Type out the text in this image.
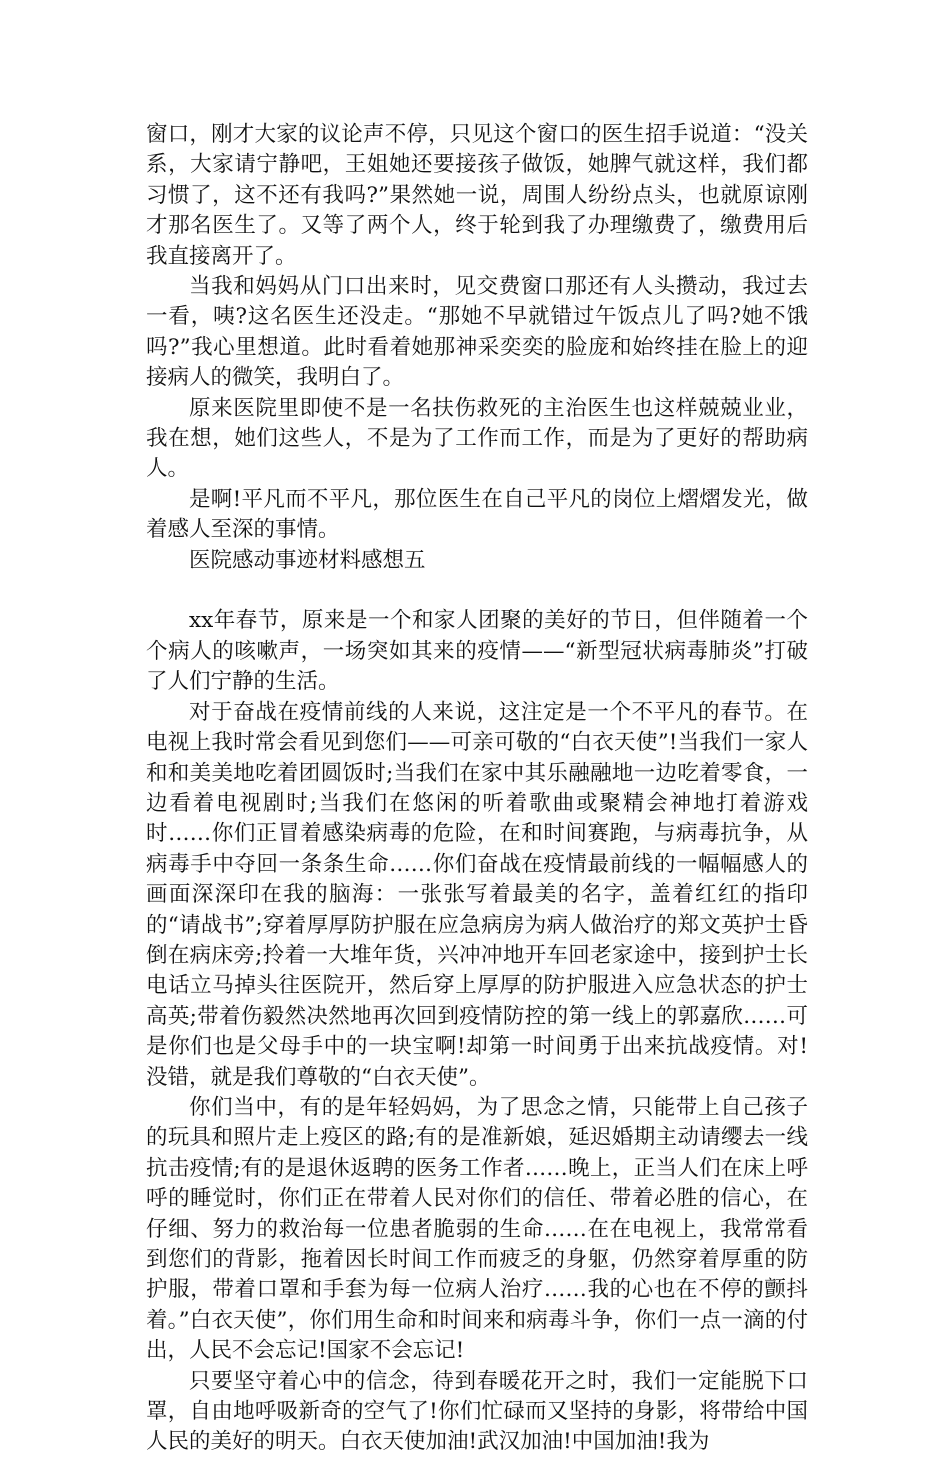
窗口，刚才大家的议论声不停，只见这个窗口的医生招手说道：“没关系，大家请宁静吧，王姐她还要接孩子做饭，她脾气就这样，我们都习惯了，这不还有我吗?”果然她一说，周围人纷纷点头，也就原谅刚才那名医生了。又等了两个人，终于轮到我了办理缴费了，缴费用后我直接离开了。

当我和妈妈从门口出来时，见交费窗口那还有人头攒动，我过去一看，咦?这名医生还没走。“那她不早就错过午饭点儿了吗?她不饿吗?”我心里想道。此时看着她那神采奕奕的脸庞和始终挂在脸上的迎接病人的微笑，我明白了。

原来医院里即使不是一名扶伤救死的主治医生也这样兢兢业业，我在想，她们这些人，不是为了工作而工作，而是为了更好的帮助病人。

是啊!平凡而不平凡，那位医生在自己平凡的岗位上熠熠发光，做着感人至深的事情。

医院感动事迹材料感想五

xx年春节，原来是一个和家人团聚的美好的节日，但伴随着一个个病人的咳嗽声，一场突如其来的疫情——“新型冠状病毒肺炎”打破了人们宁静的生活。

对于奋战在疫情前线的人来说，这注定是一个不平凡的春节。在电视上我时常会看见到您们——可亲可敬的“白衣天使”!当我们一家人和和美美地吃着团圆饭时;当我们在家中其乐融融地一边吃着零食，一边看着电视剧时;当我们在悠闲的听着歌曲或聚精会神地打着游戏时……你们正冒着感染病毒的危险，在和时间赛跑，与病毒抗争，从病毒手中夺回一条条生命……你们奋战在疫情最前线的一幅幅感人的画面深深印在我的脑海：一张张写着最美的名字，盖着红红的指印的“请战书”;穿着厚厚防护服在应急病房为病人做治疗的郑文英护士昏倒在病床旁;拎着一大堆年货，兴冲冲地开车回老家途中，接到护士长电话立马掉头往医院开，然后穿上厚厚的防护服进入应急状态的护士高英;带着伤毅然决然地再次回到疫情防控的第一线上的郭嘉欣……可是你们也是父母手中的一块宝啊!却第一时间勇于出来抗战疫情。对!没错，就是我们尊敬的“白衣天使”。

你们当中，有的是年轻妈妈，为了思念之情，只能带上自己孩子的玩具和照片走上疫区的路;有的是准新娘，延迟婚期主动请缨去一线抗击疫情;有的是退休返聘的医务工作者……晚上，正当人们在床上呼呼的睡觉时，你们正在带着人民对你们的信任、带着必胜的信心，在仔细、努力的救治每一位患者脆弱的生命……在在电视上，我常常看到您们的背影，拖着因长时间工作而疲乏的身躯，仍然穿着厚重的防护服，带着口罩和手套为每一位病人治疗……我的心也在不停的颤抖着。”白衣天使”，你们用生命和时间来和病毒斗争，你们一点一滴的付出，人民不会忘记!国家不会忘记!

只要坚守着心中的信念，待到春暖花开之时，我们一定能脱下口罩，自由地呼吸新奇的空气了!你们忙碌而又坚持的身影，将带给中国人民的美好的明天。白衣天使加油!武汉加油!中国加油!我为
